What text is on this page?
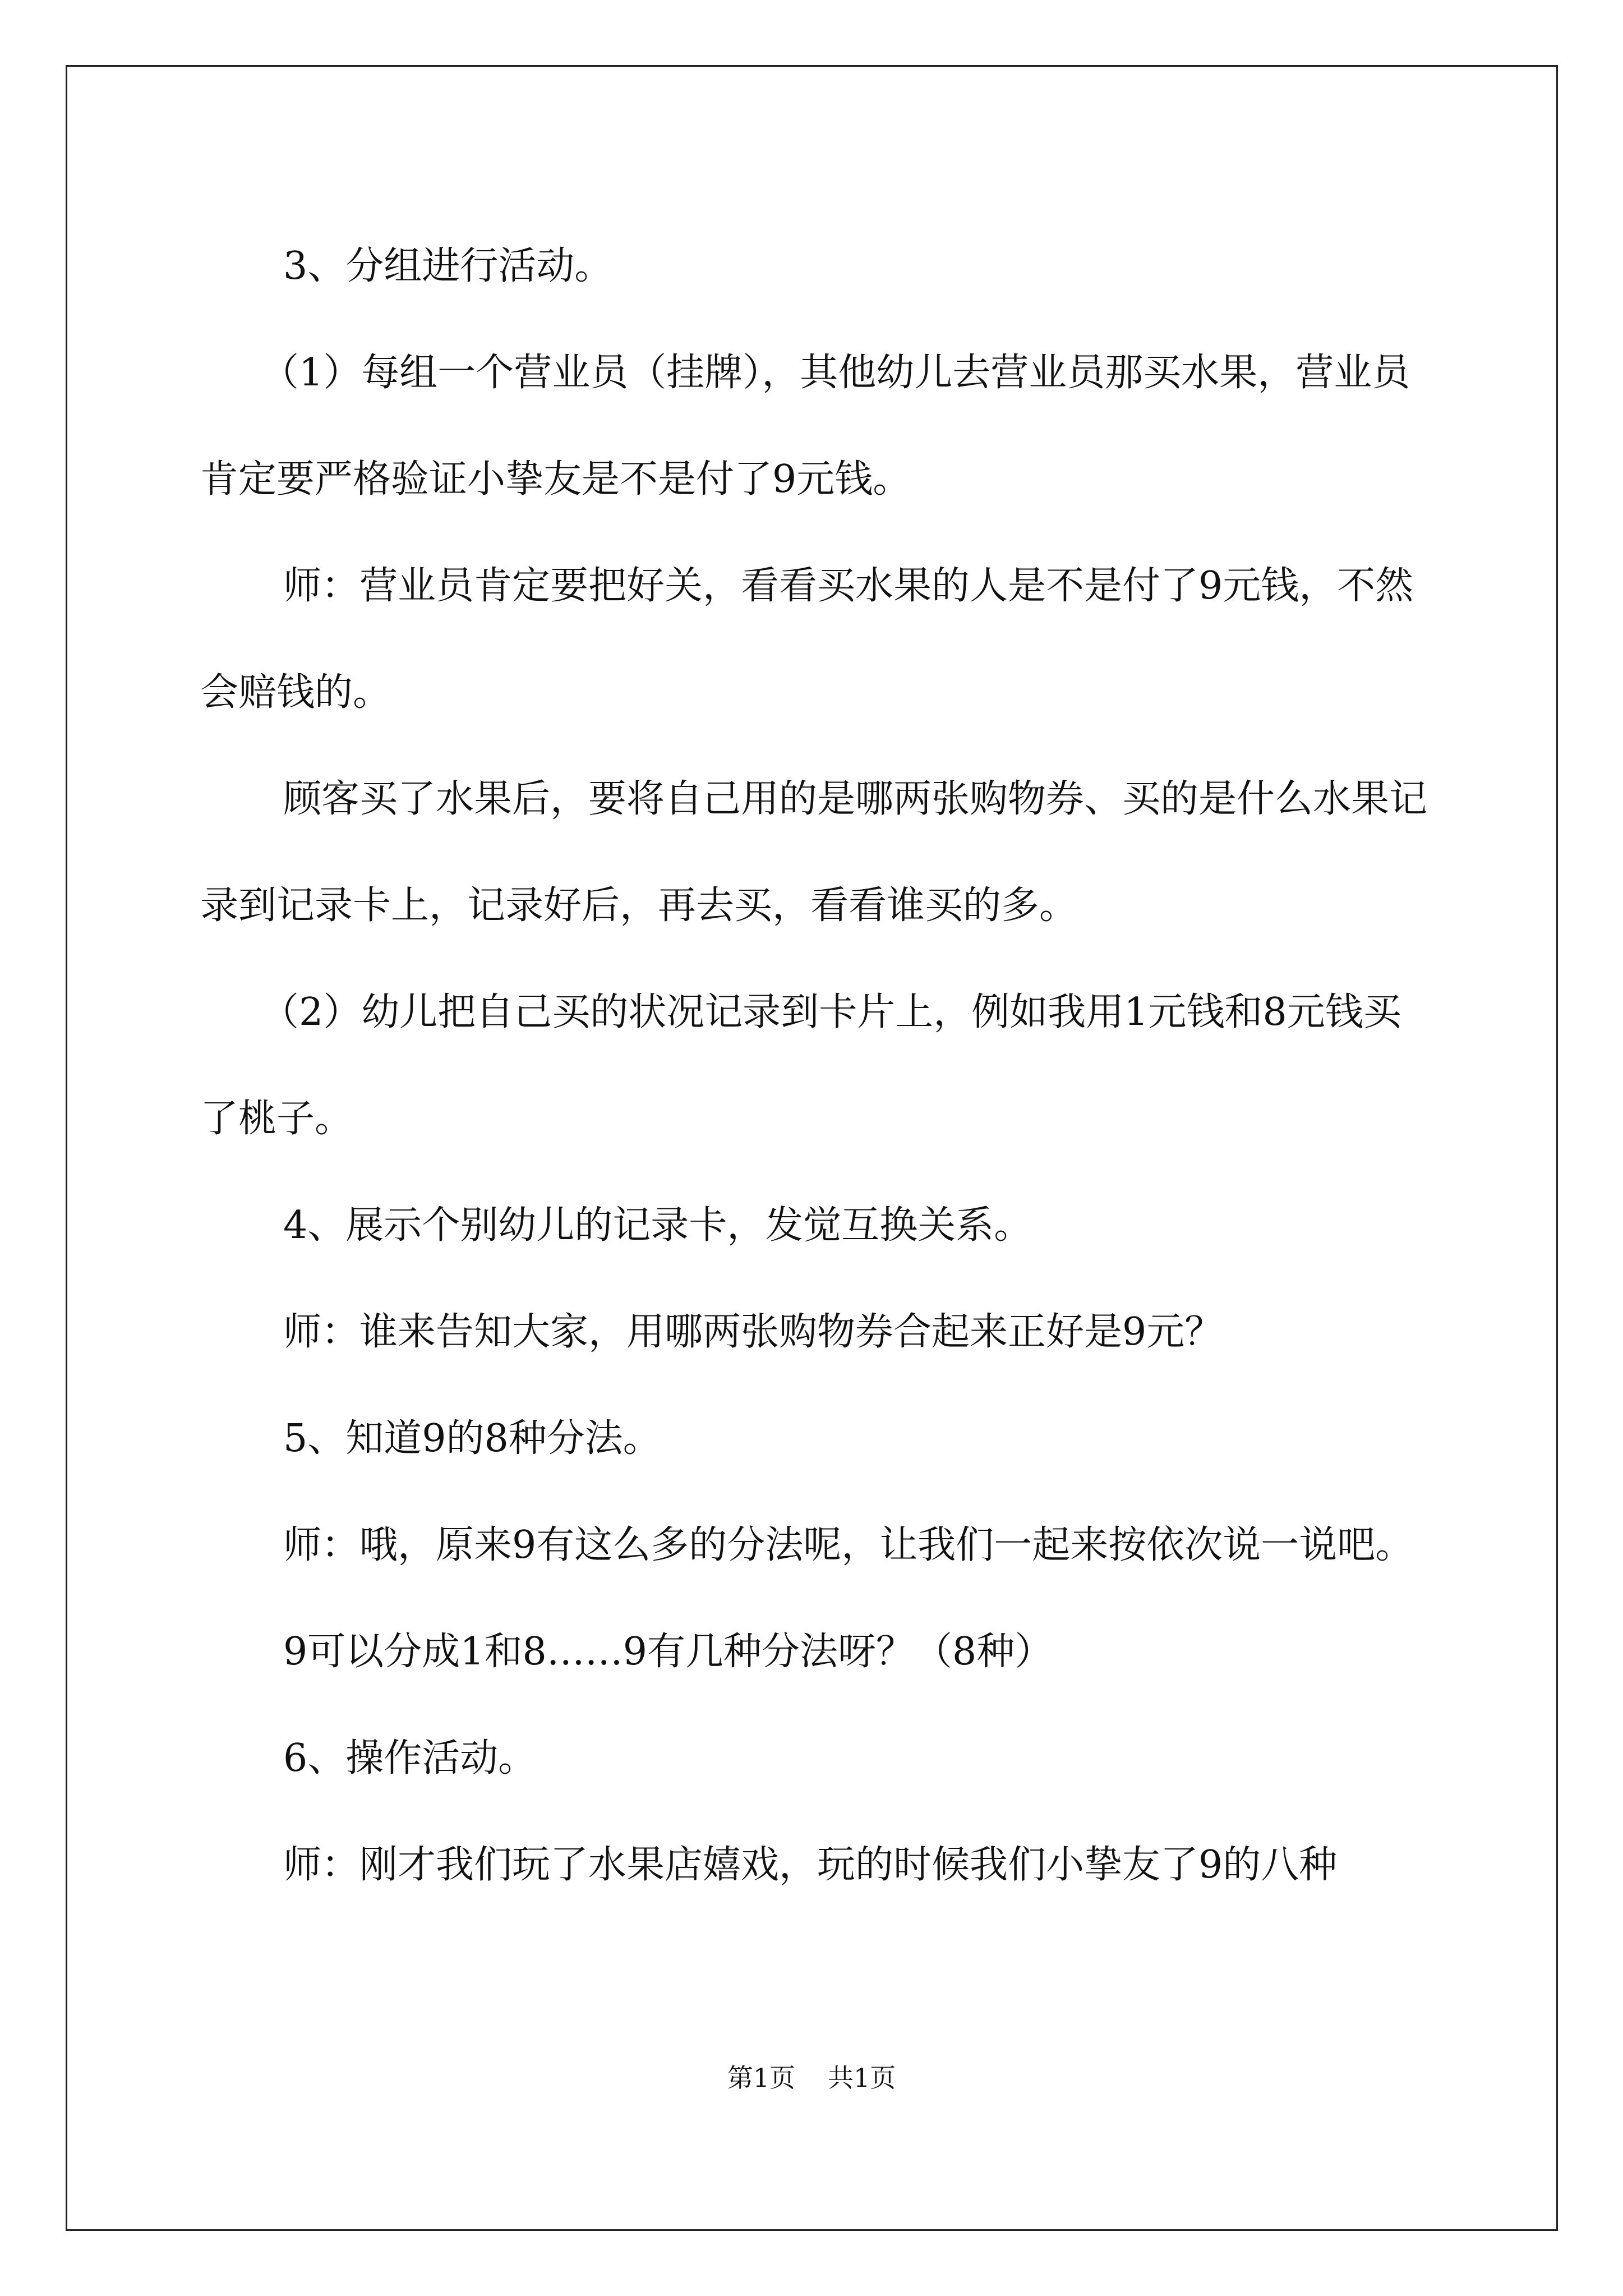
3、分组进行活动。

（1）每组一个营业员（挂牌），其他幼儿去营业员那买水果，营业员肯定要严格验证小挚友是不是付了9元钱。

师：营业员肯定要把好关，看看买水果的人是不是付了9元钱，不然会赔钱的。

顾客买了水果后，要将自己用的是哪两张购物券、买的是什么水果记录到记录卡上，记录好后，再去买，看看谁买的多。

（2）幼儿把自己买的状况记录到卡片上，例如我用1元钱和8元钱买了桃子。

4、展示个别幼儿的记录卡，发觉互换关系。

师：谁来告知大家，用哪两张购物券合起来正好是9元？

5、知道9的8种分法。

师：哦，原来9有这么多的分法呢，让我们一起来按依次说一说吧。

9可以分成1和8……9有几种分法呀？（8种）

6、操作活动。

师：刚才我们玩了水果店嬉戏，玩的时候我们小挚友了9的八种

第1页 共1页
